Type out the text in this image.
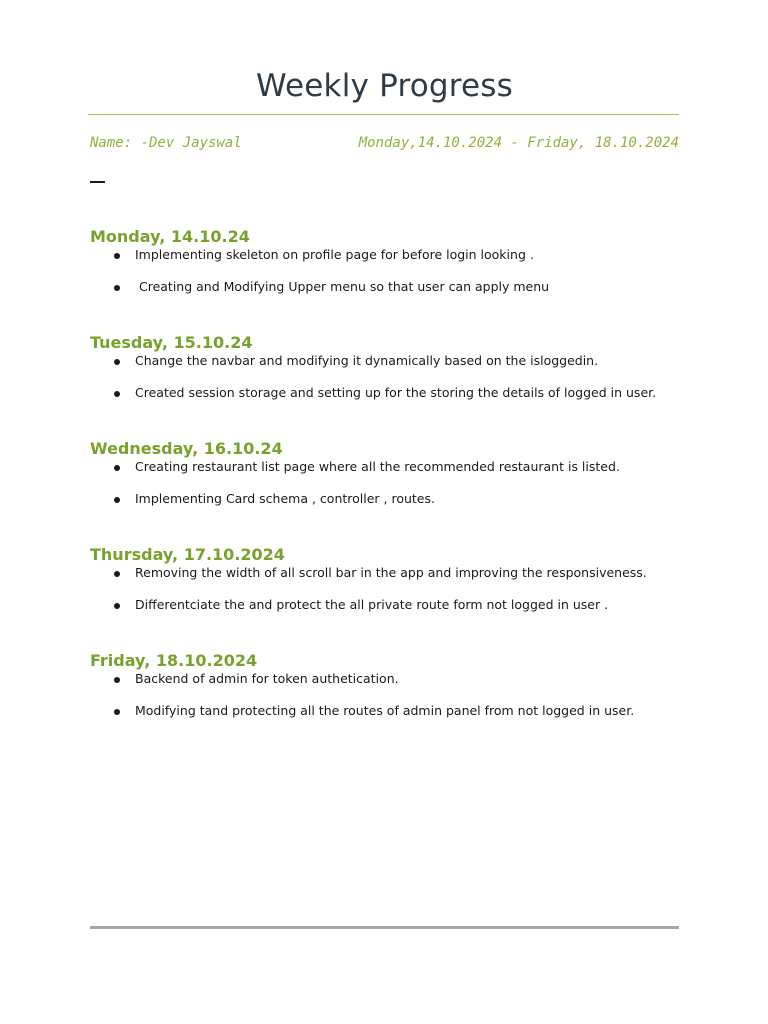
Weekly Progress
Name: -Dev Jayswal	Monday,14.10.2024 - Friday, 18.10.2024
Monday, 14.10.24
Implementing skeleton on profile page for before login looking .
Creating and Modifying Upper menu so that user can apply menu
Tuesday, 15.10.24
Change the navbar and modifying it dynamically based on the isloggedin.
Created session storage and setting up for the storing the details of logged in user.
Wednesday, 16.10.24
Creating restaurant list page where all the recommended restaurant is listed.
Implementing Card schema , controller , routes.
Thursday, 17.10.2024
Removing the width of all scroll bar in the app and improving the responsiveness.
Differentciate the and protect the all private route form not logged in user .
Friday, 18.10.2024
Backend of admin for token authetication.
Modifying tand protecting all the routes of admin panel from not logged in user.
